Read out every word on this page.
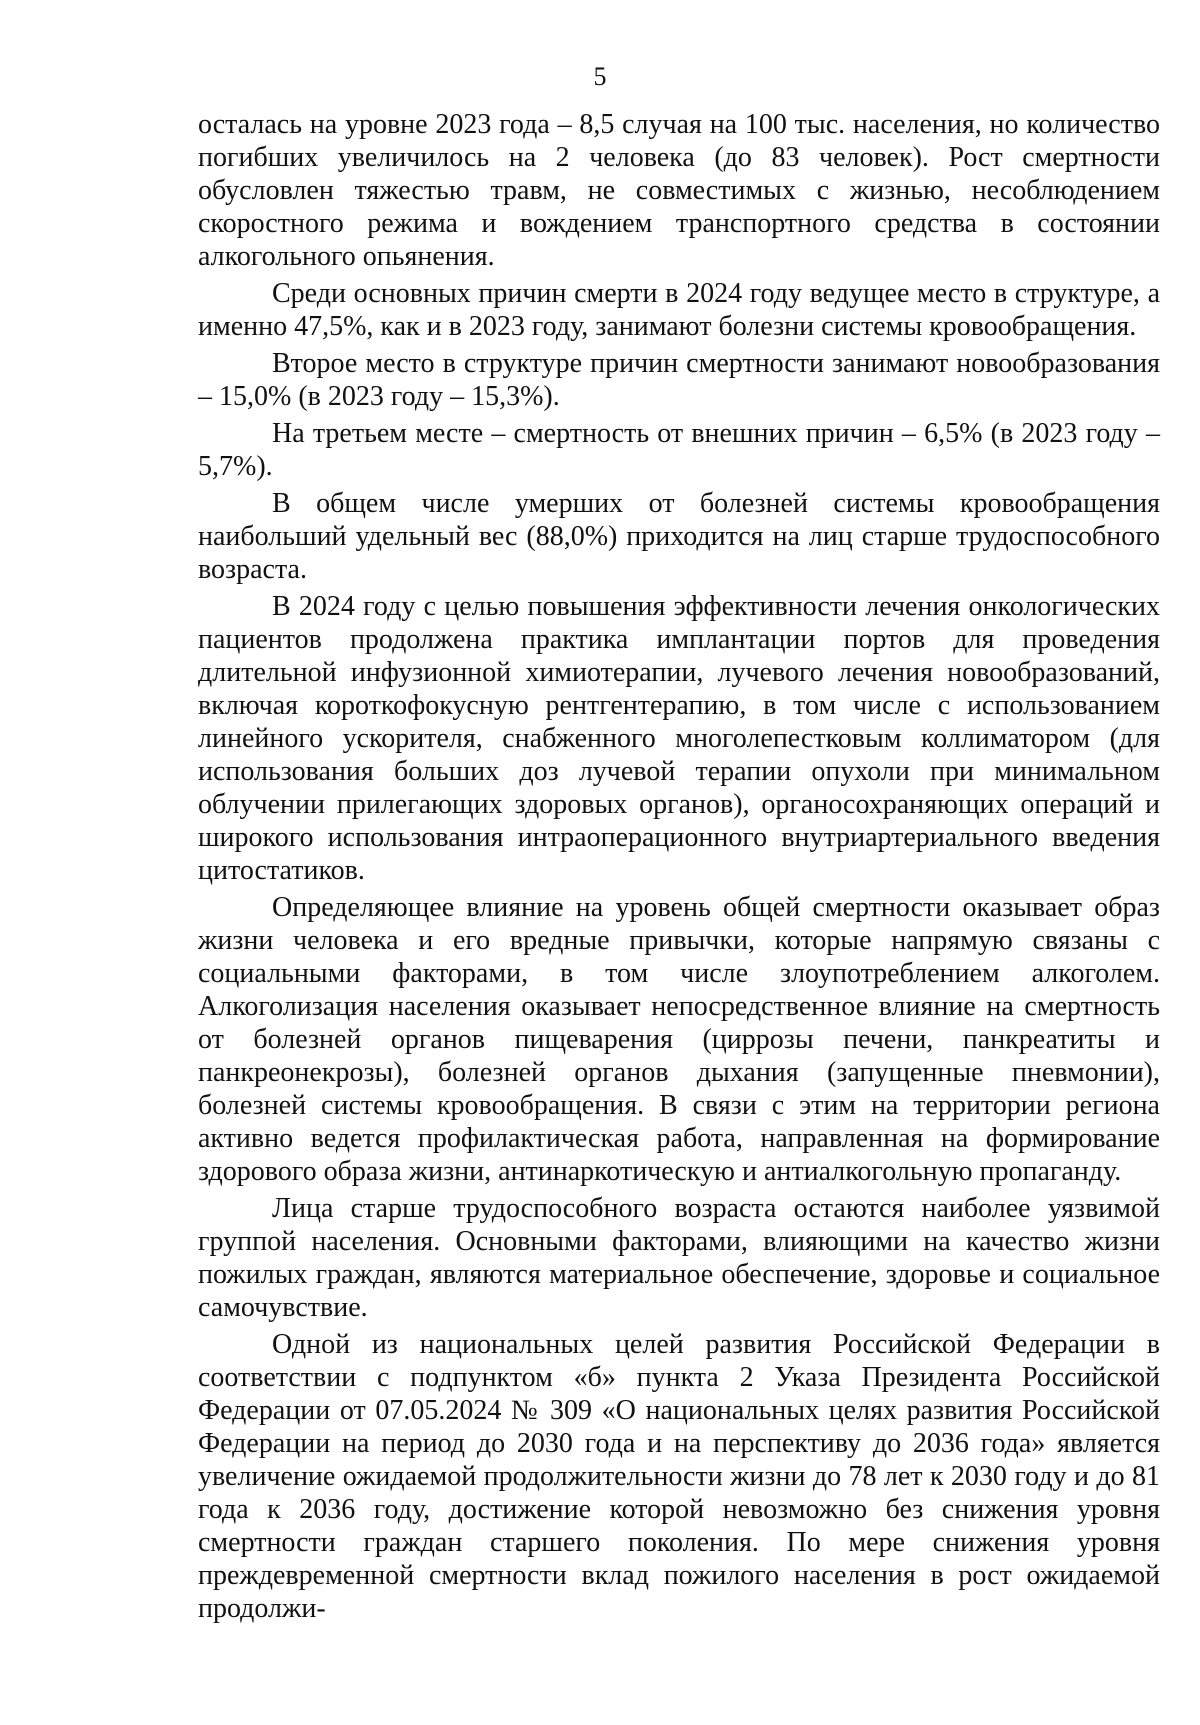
5

осталась на уровне 2023 года – 8,5 случая на 100 тыс. населения, но количество погибших увеличилось на 2 человека (до 83 человек). Рост смертности обусловлен тяжестью травм, не совместимых с жизнью, несоблюдением скоростного режима и вождением транспортного средства в состоянии алкогольного опьянения.

Среди основных причин смерти в 2024 году ведущее место в структуре, а именно 47,5%, как и в 2023 году, занимают болезни системы кровообращения.

Второе место в структуре причин смертности занимают новообразования – 15,0% (в 2023 году – 15,3%).

На третьем месте – смертность от внешних причин – 6,5% (в 2023 году – 5,7%).

В общем числе умерших от болезней системы кровообращения наибольший удельный вес (88,0%) приходится на лиц старше трудоспособного возраста.

В 2024 году с целью повышения эффективности лечения онкологических пациентов продолжена практика имплантации портов для проведения длительной инфузионной химиотерапии, лучевого лечения новообразований, включая короткофокусную рентгентерапию, в том числе с использованием линейного ускорителя, снабженного многолепестковым коллиматором (для использования больших доз лучевой терапии опухоли при минимальном облучении прилегающих здоровых органов), органосохраняющих операций и широкого использования интраоперационного внутриартериального введения цитостатиков.

Определяющее влияние на уровень общей смертности оказывает образ жизни человека и его вредные привычки, которые напрямую связаны с социальными факторами, в том числе злоупотреблением алкоголем. Алкоголизация населения оказывает непосредственное влияние на смертность от болезней органов пищеварения (циррозы печени, панкреатиты и панкреонекрозы), болезней органов дыхания (запущенные пневмонии), болезней системы кровообращения. В связи с этим на территории региона активно ведется профилактическая работа, направленная на формирование здорового образа жизни, антинаркотическую и антиалкогольную пропаганду.

Лица старше трудоспособного возраста остаются наиболее уязвимой группой населения. Основными факторами, влияющими на качество жизни пожилых граждан, являются материальное обеспечение, здоровье и социальное самочувствие.

Одной из национальных целей развития Российской Федерации в соответствии с подпунктом «б» пункта 2 Указа Президента Российской Федерации от 07.05.2024 № 309 «О национальных целях развития Российской Федерации на период до 2030 года и на перспективу до 2036 года» является увеличение ожидаемой продолжительности жизни до 78 лет к 2030 году и до 81 года к 2036 году, достижение которой невозможно без снижения уровня смертности граждан старшего поколения. По мере снижения уровня преждевременной смертности вклад пожилого населения в рост ожидаемой продолжи-
